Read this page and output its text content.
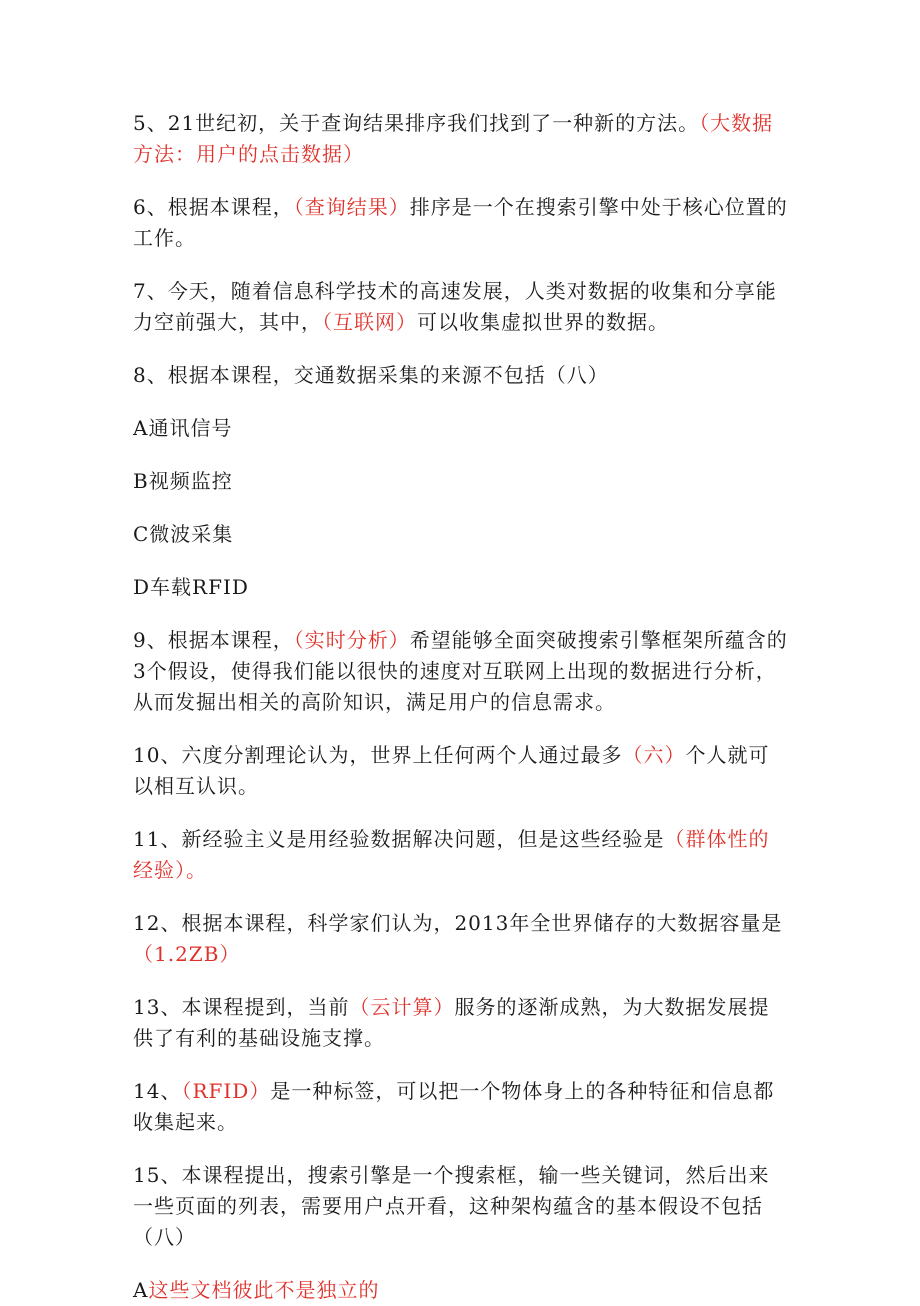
5、21世纪初，关于查询结果排序我们找到了一种新的方法。（大数据方法：用户的点击数据）

6、根据本课程，（查询结果）排序是一个在搜索引擎中处于核心位置的工作。

7、今天，随着信息科学技术的高速发展，人类对数据的收集和分享能力空前强大，其中，（互联网）可以收集虚拟世界的数据。

8、根据本课程，交通数据采集的来源不包括（八）

A通讯信号

B视频监控

C微波采集

D车载RFID

9、根据本课程，（实时分析）希望能够全面突破搜索引擎框架所蕴含的3个假设，使得我们能以很快的速度对互联网上出现的数据进行分析，从而发掘出相关的高阶知识，满足用户的信息需求。

10、六度分割理论认为，世界上任何两个人通过最多（六）个人就可以相互认识。

11、新经验主义是用经验数据解决问题，但是这些经验是（群体性的经验）。

12、根据本课程，科学家们认为，2013年全世界储存的大数据容量是（1.2ZB）

13、本课程提到，当前（云计算）服务的逐渐成熟，为大数据发展提供了有利的基础设施支撑。

14、（RFID）是一种标签，可以把一个物体身上的各种特征和信息都收集起来。

15、本课程提出，搜索引擎是一个搜索框，输一些关键词，然后出来一些页面的列表，需要用户点开看，这种架构蕴含的基本假设不包括（八）

A这些文档彼此不是独立的
